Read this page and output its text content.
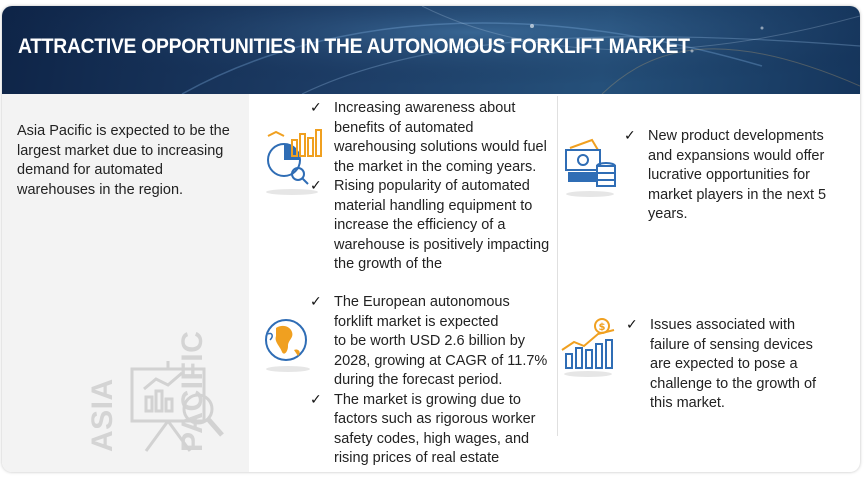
ATTRACTIVE OPPORTUNITIES IN THE AUTONOMOUS FORKLIFT MARKET
Asia Pacific is expected to be the largest market due to increasing demand for automated warehouses in the region.

ASIA

PACIFIC

$
✓ Increasing awareness about
benefits of automated
warehousing solutions would fuel
the market in the coming years.
✓ Rising popularity of automated
material handling equipment to
increase the efficiency of a
warehouse is positively impacting
the growth of the
✓ New product developments
and expansions would offer
lucrative opportunities for
market players in the next 5
years.
✓ The European autonomous
forklift market is expected
to be worth USD 2.6 billion by
2028, growing at CAGR of 11.7%
during the forecast period.
✓ The market is growing due to
factors such as rigorous worker
safety codes, high wages, and
rising prices of real estate
✓ Issues associated with
failure of sensing devices
are expected to pose a
challenge to the growth of
this market.
